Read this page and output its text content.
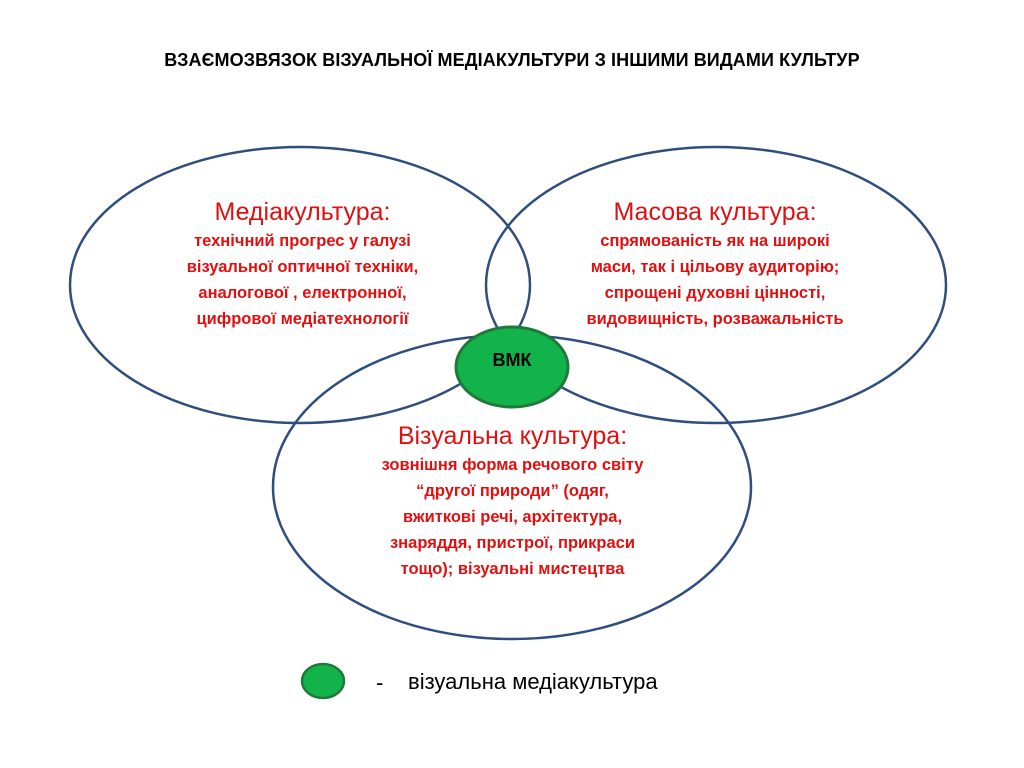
ВЗАЄМОЗВЯЗОК ВІЗУАЛЬНОЇ МЕДІАКУЛЬТУРИ З ІНШИМИ ВИДАМИ КУЛЬТУР
Медіакультура:
технічний прогрес у галузі
візуальної оптичної техніки,
аналогової , електронної,
цифрової медіатехнології
Масова культура:
спрямованість як на широкі
маси, так і цільову аудиторію;
спрощені духовні цінності,
видовищність, розважальність
Візуальна культура:
зовнішня форма речового світу
“другої природи” (одяг,
вжиткові речі, архітектура,
знаряддя, пристрої, прикраси
тощо); візуальні мистецтва
ВМК
- візуальна медіакультура
